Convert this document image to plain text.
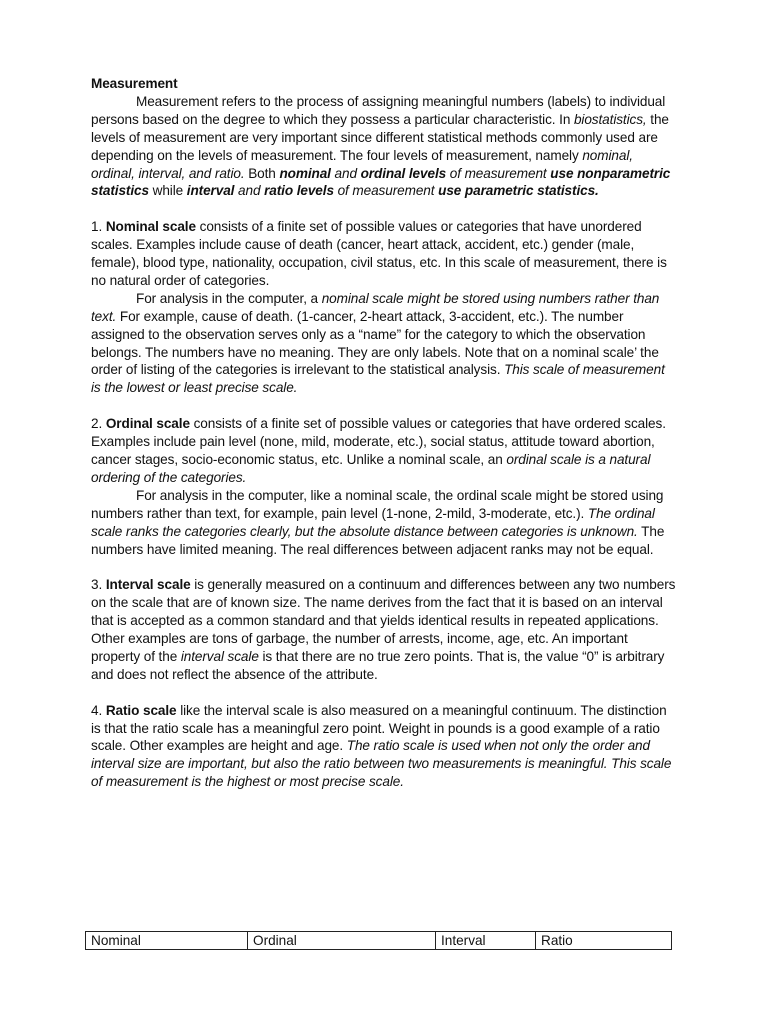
Measurement

Measurement refers to the process of assigning meaningful numbers (labels) to individual persons based on the degree to which they possess a particular characteristic. In biostatistics, the levels of measurement are very important since different statistical methods commonly used are depending on the levels of measurement. The four levels of measurement, namely nominal, ordinal, interval, and ratio. Both nominal and ordinal levels of measurement use nonparametric statistics while interval and ratio levels of measurement use parametric statistics.

1. Nominal scale consists of a finite set of possible values or categories that have unordered scales. Examples include cause of death (cancer, heart attack, accident, etc.) gender (male, female), blood type, nationality, occupation, civil status, etc. In this scale of measurement, there is no natural order of categories.

For analysis in the computer, a nominal scale might be stored using numbers rather than text. For example, cause of death. (1-cancer, 2-heart attack, 3-accident, etc.). The number assigned to the observation serves only as a “name” for the category to which the observation belongs. The numbers have no meaning. They are only labels. Note that on a nominal scale’ the order of listing of the categories is irrelevant to the statistical analysis. This scale of measurement is the lowest or least precise scale.

2. Ordinal scale consists of a finite set of possible values or categories that have ordered scales. Examples include pain level (none, mild, moderate, etc.), social status, attitude toward abortion, cancer stages, socio-economic status, etc. Unlike a nominal scale, an ordinal scale is a natural ordering of the categories.

For analysis in the computer, like a nominal scale, the ordinal scale might be stored using numbers rather than text, for example, pain level (1-none, 2-mild, 3-moderate, etc.). The ordinal scale ranks the categories clearly, but the absolute distance between categories is unknown. The numbers have limited meaning. The real differences between adjacent ranks may not be equal.

3. Interval scale is generally measured on a continuum and differences between any two numbers on the scale that are of known size. The name derives from the fact that it is based on an interval that is accepted as a common standard and that yields identical results in repeated applications. Other examples are tons of garbage, the number of arrests, income, age, etc. An important property of the interval scale is that there are no true zero points. That is, the value “0” is arbitrary and does not reflect the absence of the attribute.

4. Ratio scale like the interval scale is also measured on a meaningful continuum. The distinction is that the ratio scale has a meaningful zero point. Weight in pounds is a good example of a ratio scale. Other examples are height and age. The ratio scale is used when not only the order and interval size are important, but also the ratio between two measurements is meaningful. This scale of measurement is the highest or most precise scale.

Nominal	Ordinal	Interval	Ratio
